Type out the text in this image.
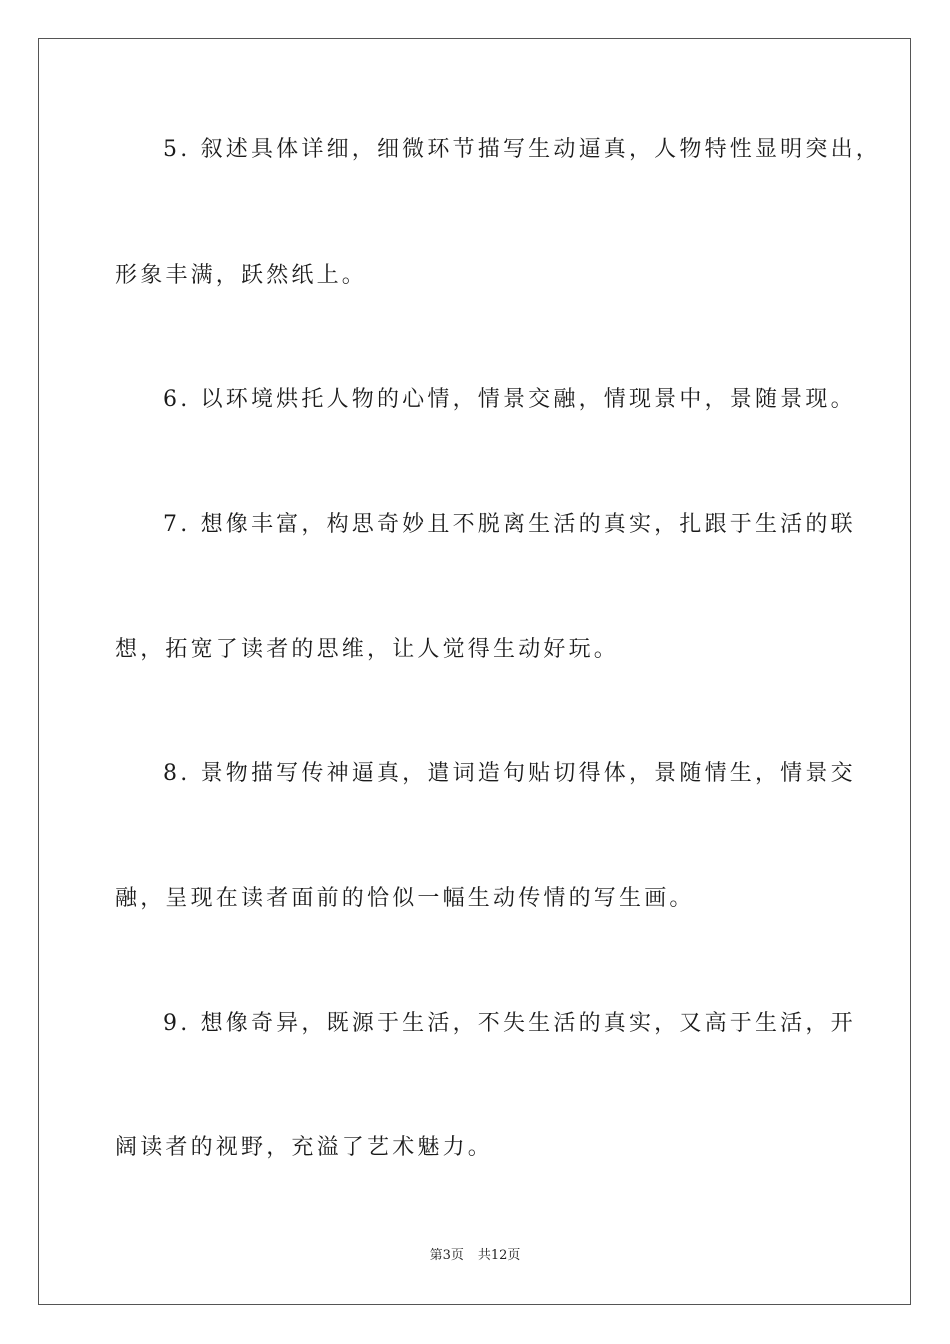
5. 叙述具体详细，细微环节描写生动逼真，人物特性显明突出，
形象丰满，跃然纸上。
6. 以环境烘托人物的心情，情景交融，情现景中，景随景现。
7. 想像丰富，构思奇妙且不脱离生活的真实，扎跟于生活的联
想，拓宽了读者的思维，让人觉得生动好玩。
8. 景物描写传神逼真，遣词造句贴切得体，景随情生，情景交
融，呈现在读者面前的恰似一幅生动传情的写生画。
9. 想像奇异，既源于生活，不失生活的真实，又高于生活，开
阔读者的视野，充溢了艺术魅力。
第3页 共12页
